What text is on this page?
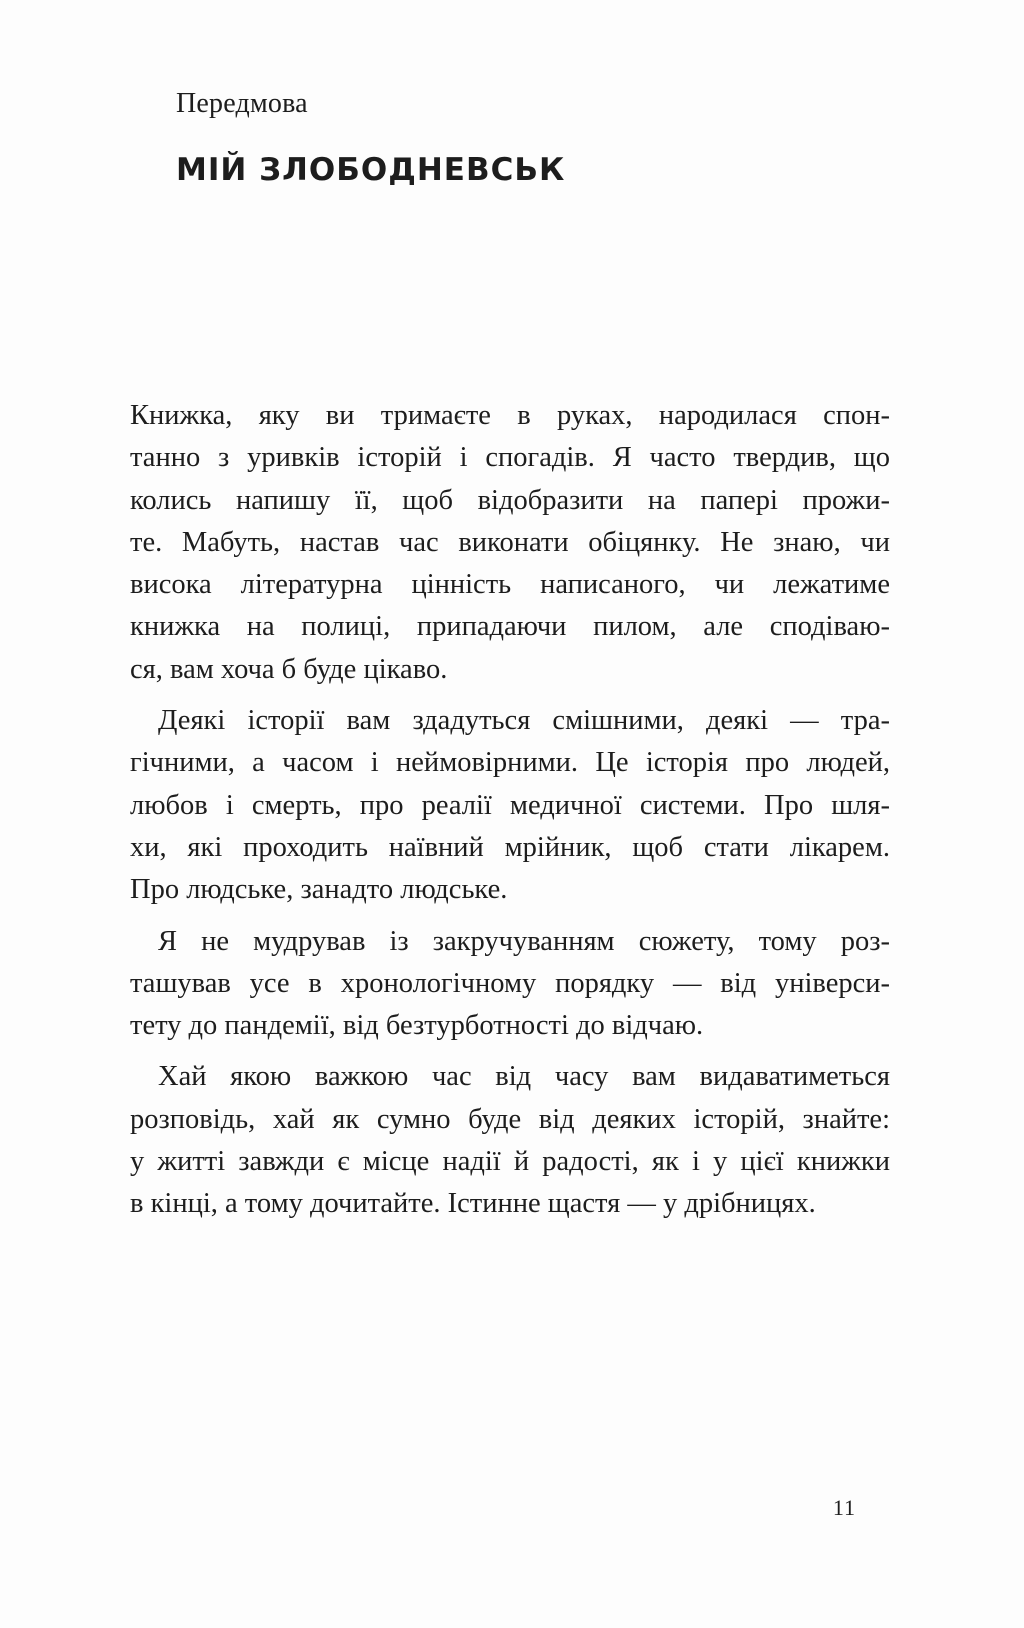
Передмова
МІЙ ЗЛОБОДНЕВСЬК

Книжка, яку ви тримаєте в руках, народилася спон-
танно з уривків історій і спогадів. Я часто твердив, що
колись напишу її, щоб відобразити на папері прожи-
те. Мабуть, настав час виконати обіцянку. Не знаю, чи
висока літературна цінність написаного, чи лежатиме
книжка на полиці, припадаючи пилом, але сподіваю-
ся, вам хоча б буде цікаво.

Деякі історії вам здадуться смішними, деякі — тра-
гічними, а часом і неймовірними. Це історія про людей,
любов і смерть, про реалії медичної системи. Про шля-
хи, які проходить наївний мрійник, щоб стати лікарем.
Про людське, занадто людське.

Я не мудрував із закручуванням сюжету, тому роз-
ташував усе в хронологічному порядку — від універси-
тету до пандемії, від безтурботності до відчаю.

Хай якою важкою час від часу вам видаватиметься
розповідь, хай як сумно буде від деяких історій, знайте:
у житті завжди є місце надії й радості, як і у цієї книжки
в кінці, а тому дочитайте. Істинне щастя — у дрібницях.

11
